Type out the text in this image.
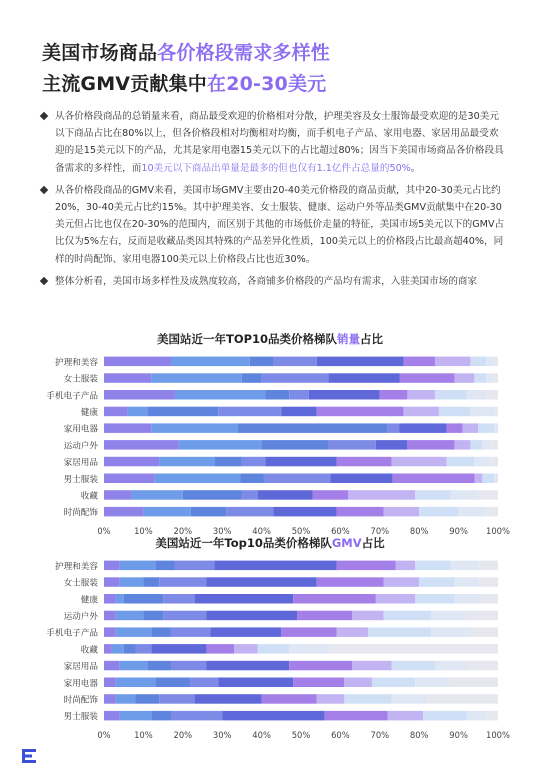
美国市场商品各价格段需求多样性
主流GMV贡献集中在20-30美元

从各价格段商品的总销量来看，商品最受欢迎的价格相对分散，护理美容及女士服饰最受欢迎的是30美元以下商品占比在80%以上，但各价格段相对均衡相对均衡，而手机电子产品、家用电器、家居用品最受欢迎的是15美元以下的产品，尤其是家用电器15美元以下的占比超过80%；因当下美国市场商品各价格段具备需求的多样性，而10美元以下商品出单量是最多的但也仅有1.1亿件占总量的50%。

从各价格段商品的GMV来看，美国市场GMV主要由20-40美元价格段的商品贡献，其中20-30美元占比约20%，30-40美元占比约15%。其中护理美容、女士服装、健康、运动户外等品类GMV贡献集中在20-30美元但占比也仅在20-30%的范围内，而区别于其他的市场低价走量的特征，美国市场5美元以下的GMV占比仅为5%左右，反而是收藏品类因其特殊的产品差异化性质，100美元以上的价格段占比最高超40%，同样的时尚配饰、家用电器100美元以上价格段占比也近30%。

整体分析看，美国市场多样性及成熟度较高，各商铺多价格段的产品均有需求，入驻美国市场的商家

美国站近一年TOP10品类价格梯队销量占比
护理和美容
女士服装
手机电子产品
健康
家用电器
运动户外
家居用品
男士服装
收藏
时尚配饰
0%	10% 20% 30% 40% 50% 60% 70% 80% 90% 100%
美国站近一年Top10品类价格梯队GMV占比
护理和美容
女士服装
健康
运动户外
手机电子产品
收藏
家居用品
家用电器
时尚配饰
男士服装
0%	10% 20% 30% 40% 50% 60% 70% 80% 90% 100%
